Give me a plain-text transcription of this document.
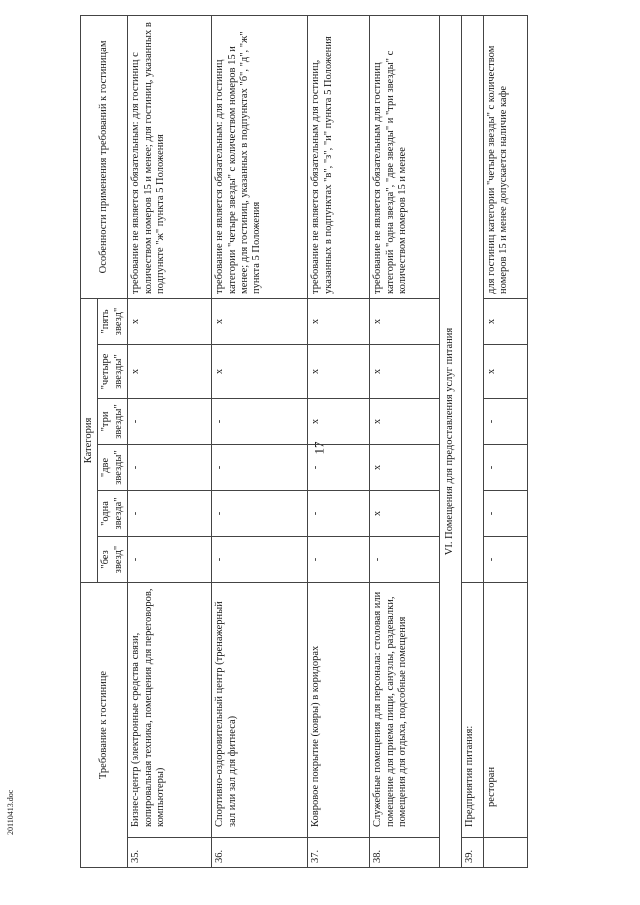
17
20110413.doc
Требование к гостинице		Категория						Особенности применения требований к гостиницам
		"без звезд"	"одна звезда"	"две звезды"	"три звезды"	"четыре звезды"	"пять звезд"	
35.	Бизнес-центр (электронные средства связи, копировальная техника, помещения для переговоров, компьютеры)	-	-	-	-	x	x	требование не является обязательным: для гостиниц с количеством номеров 15 и менее; для гостиниц, указанных в подпункте "ж" пункта 5 Положения
36.	Спортивно-оздоровительный центр (тренажерный зал или зал для фитнеса)	-	-	-	-	x	x	требование не является обязательным: для гостиниц категории "четыре звезды" с количеством номеров 15 и менее; для гостиниц, указанных в подпунктах "б", "д", "ж" пункта 5 Положения
37.	Ковровое покрытие (ковры) в коридорах	-	-	-	x	x	x	требование не является обязательным для гостиниц, указанных в подпунктах "в", "з", "и" пункта 5 Положения
38.	Служебные помещения для персонала: столовая или помещение для приема пищи, санузлы, раздевалки, помещения для отдыха, подсобные помещения	-	x	x	x	x	x	требование не является обязательным для гостиниц категорий "одна звезда", "две звезды" и "три звезды" с количеством номеров 15 и менее
VI. Помещения для предоставления услуг питания								
39.	Предприятия питания:							
	ресторан	-	-	-	-	x	x	для гостиниц категории "четыре звезды" с количеством номеров 15 и менее допускается наличие кафе
